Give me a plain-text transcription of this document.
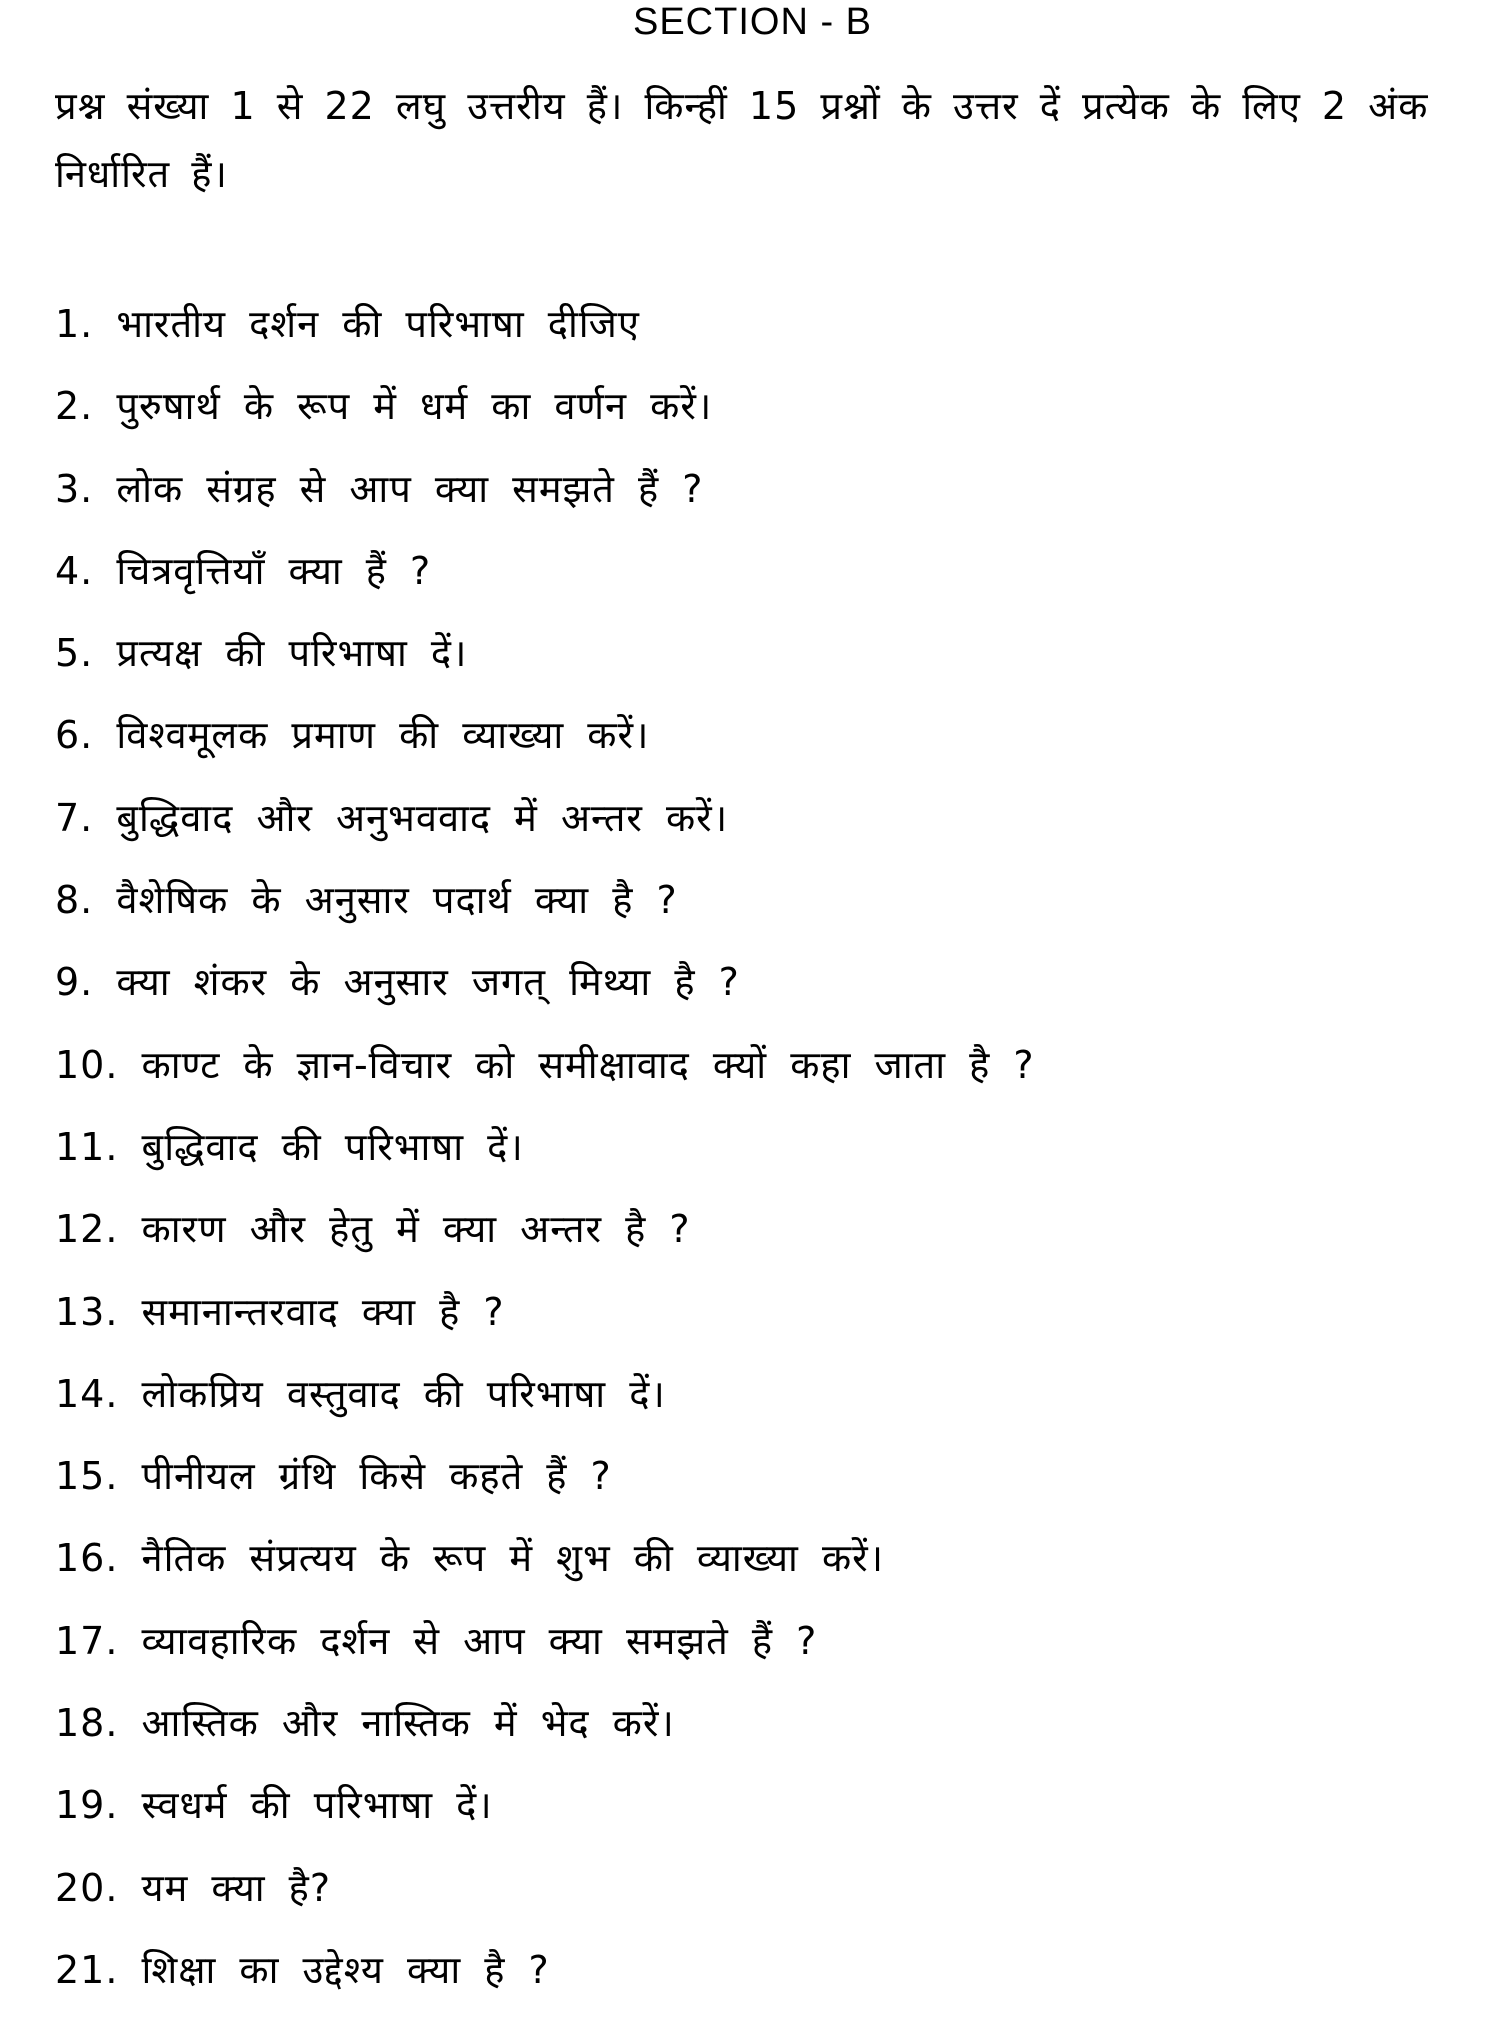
SECTION - B
प्रश्न संख्या 1 से 22 लघु उत्तरीय हैं। किन्हीं 15 प्रश्नों के उत्तर दें प्रत्येक के लिए 2 अंक निर्धारित हैं।
1. भारतीय दर्शन की परिभाषा दीजिए
2. पुरुषार्थ के रूप में धर्म का वर्णन करें।
3. लोक संग्रह से आप क्या समझते हैं ?
4. चित्रवृत्तियाँ क्या हैं ?
5. प्रत्यक्ष की परिभाषा दें।
6. विश्वमूलक प्रमाण की व्याख्या करें।
7. बुद्धिवाद और अनुभववाद में अन्तर करें।
8. वैशेषिक के अनुसार पदार्थ क्या है ?
9. क्या शंकर के अनुसार जगत् मिथ्या है ?
10. काण्ट के ज्ञान-विचार को समीक्षावाद क्यों कहा जाता है ?
11. बुद्धिवाद की परिभाषा दें।
12. कारण और हेतु में क्या अन्तर है ?
13. समानान्तरवाद क्या है ?
14. लोकप्रिय वस्तुवाद की परिभाषा दें।
15. पीनीयल ग्रंथि किसे कहते हैं ?
16. नैतिक संप्रत्यय के रूप में शुभ की व्याख्या करें।
17. व्यावहारिक दर्शन से आप क्या समझते हैं ?
18. आस्तिक और नास्तिक में भेद करें।
19. स्वधर्म की परिभाषा दें।
20. यम क्या है?
21. शिक्षा का उद्देश्य क्या है ?
